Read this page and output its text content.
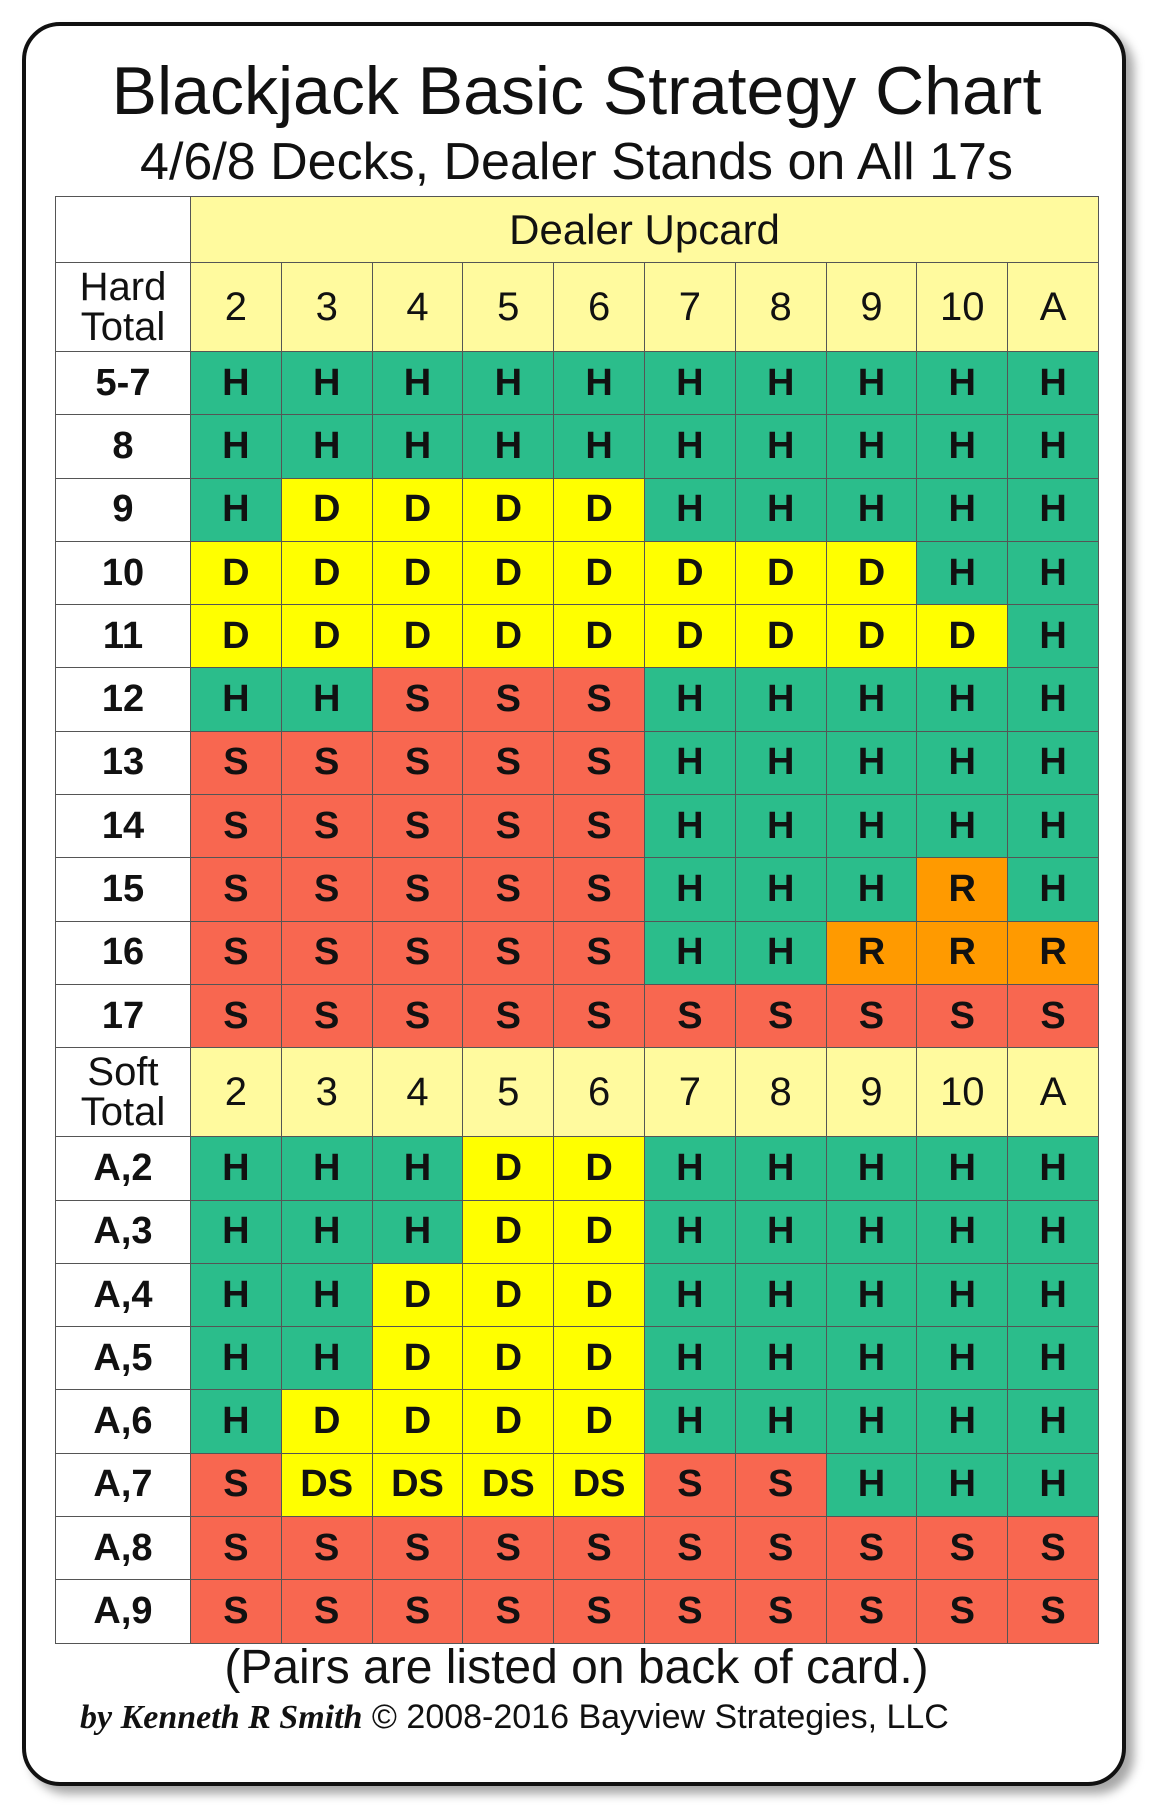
Blackjack Basic Strategy Chart
4/6/8 Decks, Dealer Stands on All 17s
	Dealer Upcard									

Hard
Total	2	3	4	5	6	7	8	9	10	A
5-7	H	H	H	H	H	H	H	H	H	H
8	H	H	H	H	H	H	H	H	H	H
9	H	D	D	D	D	H	H	H	H	H
10	D	D	D	D	D	D	D	D	H	H
11	D	D	D	D	D	D	D	D	D	H
12	H	H	S	S	S	H	H	H	H	H
13	S	S	S	S	S	H	H	H	H	H
14	S	S	S	S	S	H	H	H	H	H
15	S	S	S	S	S	H	H	H	R	H
16	S	S	S	S	S	H	H	R	R	R
17	S	S	S	S	S	S	S	S	S	S

Soft
Total	2	3	4	5	6	7	8	9	10	A
A,2	H	H	H	D	D	H	H	H	H	H
A,3	H	H	H	D	D	H	H	H	H	H
A,4	H	H	D	D	D	H	H	H	H	H
A,5	H	H	D	D	D	H	H	H	H	H
A,6	H	D	D	D	D	H	H	H	H	H
A,7	S	DS	DS	DS	DS	S	S	H	H	H
A,8	S	S	S	S	S	S	S	S	S	S
A,9	S	S	S	S	S	S	S	S	S	S
(Pairs are listed on back of card.)
by Kenneth R Smith © 2008-2016 Bayview Strategies, LLC
